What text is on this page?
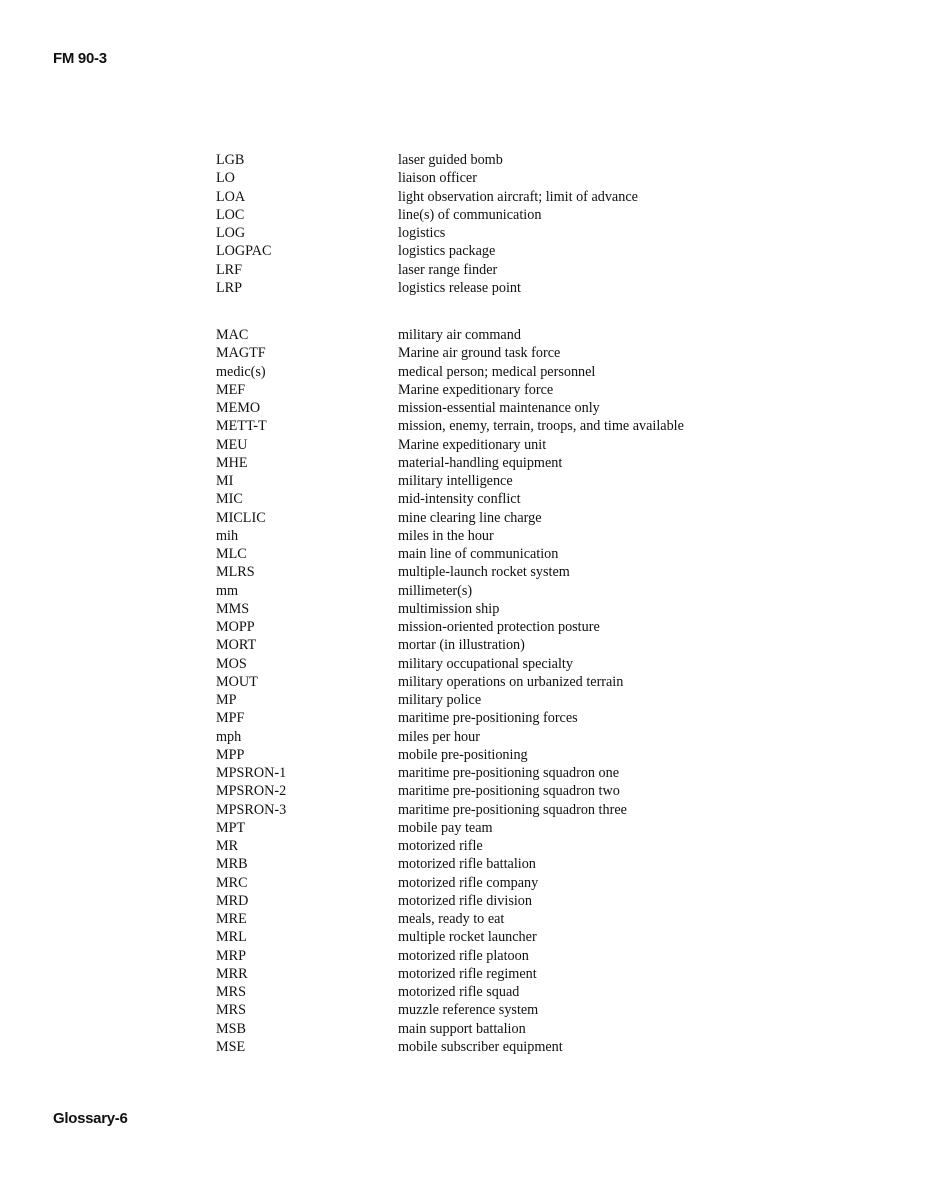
FM 90-3
LGB	laser guided bomb
LO	liaison officer
LOA	light observation aircraft; limit of advance
LOC	line(s) of communication
LOG	logistics
LOGPAC	logistics package
LRF	laser range finder
LRP	logistics release point
MAC	military air command
MAGTF	Marine air ground task force
medic(s)	medical person; medical personnel
MEF	Marine expeditionary force
MEMO	mission-essential maintenance only
METT-T	mission, enemy, terrain, troops, and time available
MEU	Marine expeditionary unit
MHE	material-handling equipment
MI	military intelligence
MIC	mid-intensity conflict
MICLIC	mine clearing line charge
mih	miles in the hour
MLC	main line of communication
MLRS	multiple-launch rocket system
mm	millimeter(s)
MMS	multimission ship
MOPP	mission-oriented protection posture
MORT	mortar (in illustration)
MOS	military occupational specialty
MOUT	military operations on urbanized terrain
MP	military police
MPF	maritime pre-positioning forces
mph	miles per hour
MPP	mobile pre-positioning
MPSRON-1	maritime pre-positioning squadron one
MPSRON-2	maritime pre-positioning squadron two
MPSRON-3	maritime pre-positioning squadron three
MPT	mobile pay team
MR	motorized rifle
MRB	motorized rifle battalion
MRC	motorized rifle company
MRD	motorized rifle division
MRE	meals, ready to eat
MRL	multiple rocket launcher
MRP	motorized rifle platoon
MRR	motorized rifle regiment
MRS	motorized rifle squad
MRS	muzzle reference system
MSB	main support battalion
MSE	mobile subscriber equipment
Glossary-6
